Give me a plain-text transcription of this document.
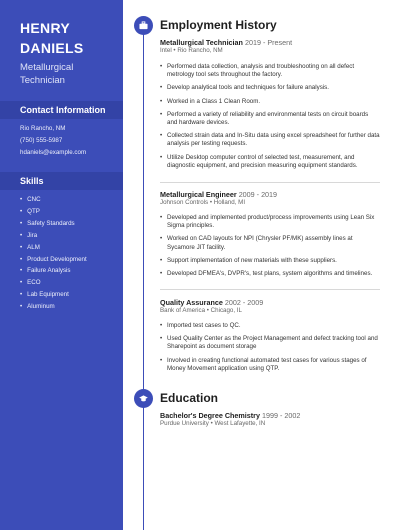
HENRY
DANIELS
Metallurgical Technician
Contact Information
Rio Rancho, NM
(750) 555-5987
hdaniels@example.com
Skills
• CNC
• QTP
• Safety Standards
• Jira
• ALM
• Product Development
• Failure Analysis
• ECO
• Lab Equipment
• Aluminum
Employment History
Metallurgical Technician 2019 - Present
Intel • Rio Rancho, NM
• Performed data collection, analysis and troubleshooting on all defect metrology tool sets throughout the factory.
• Develop analytical tools and techniques for failure analysis.
• Worked in a Class 1 Clean Room.
• Performed a variety of reliability and environmental tests on circuit boards and hardware devices.
• Collected strain data and In-Situ data using excel spreadsheet for further data analysis per testing requests.
• Utilize Desktop computer control of selected test, measurement, and diagnostic equipment, and precision measuring equipment standards.
Metallurgical Engineer 2009 - 2019
Johnson Controls • Holland, MI
• Developed and implemented product/process improvements using Lean Six Sigma principles.
• Worked on CAD layouts for NPI (Chrysler PF/MK) assembly lines at Sycamore JIT facility.
• Support implementation of new materials with these suppliers.
• Developed DFMEA's, DVPR's, test plans, system algorithms and timelines.
Quality Assurance 2002 - 2009
Bank of America • Chicago, IL
• Imported test cases to QC.
• Used Quality Center as the Project Management and defect tracking tool and Sharepoint as document storage
• Involved in creating functional automated test cases for various stages of Money Movement application using QTP.
Education
Bachelor's Degree Chemistry 1999 - 2002
Purdue University • West Lafayette, IN
